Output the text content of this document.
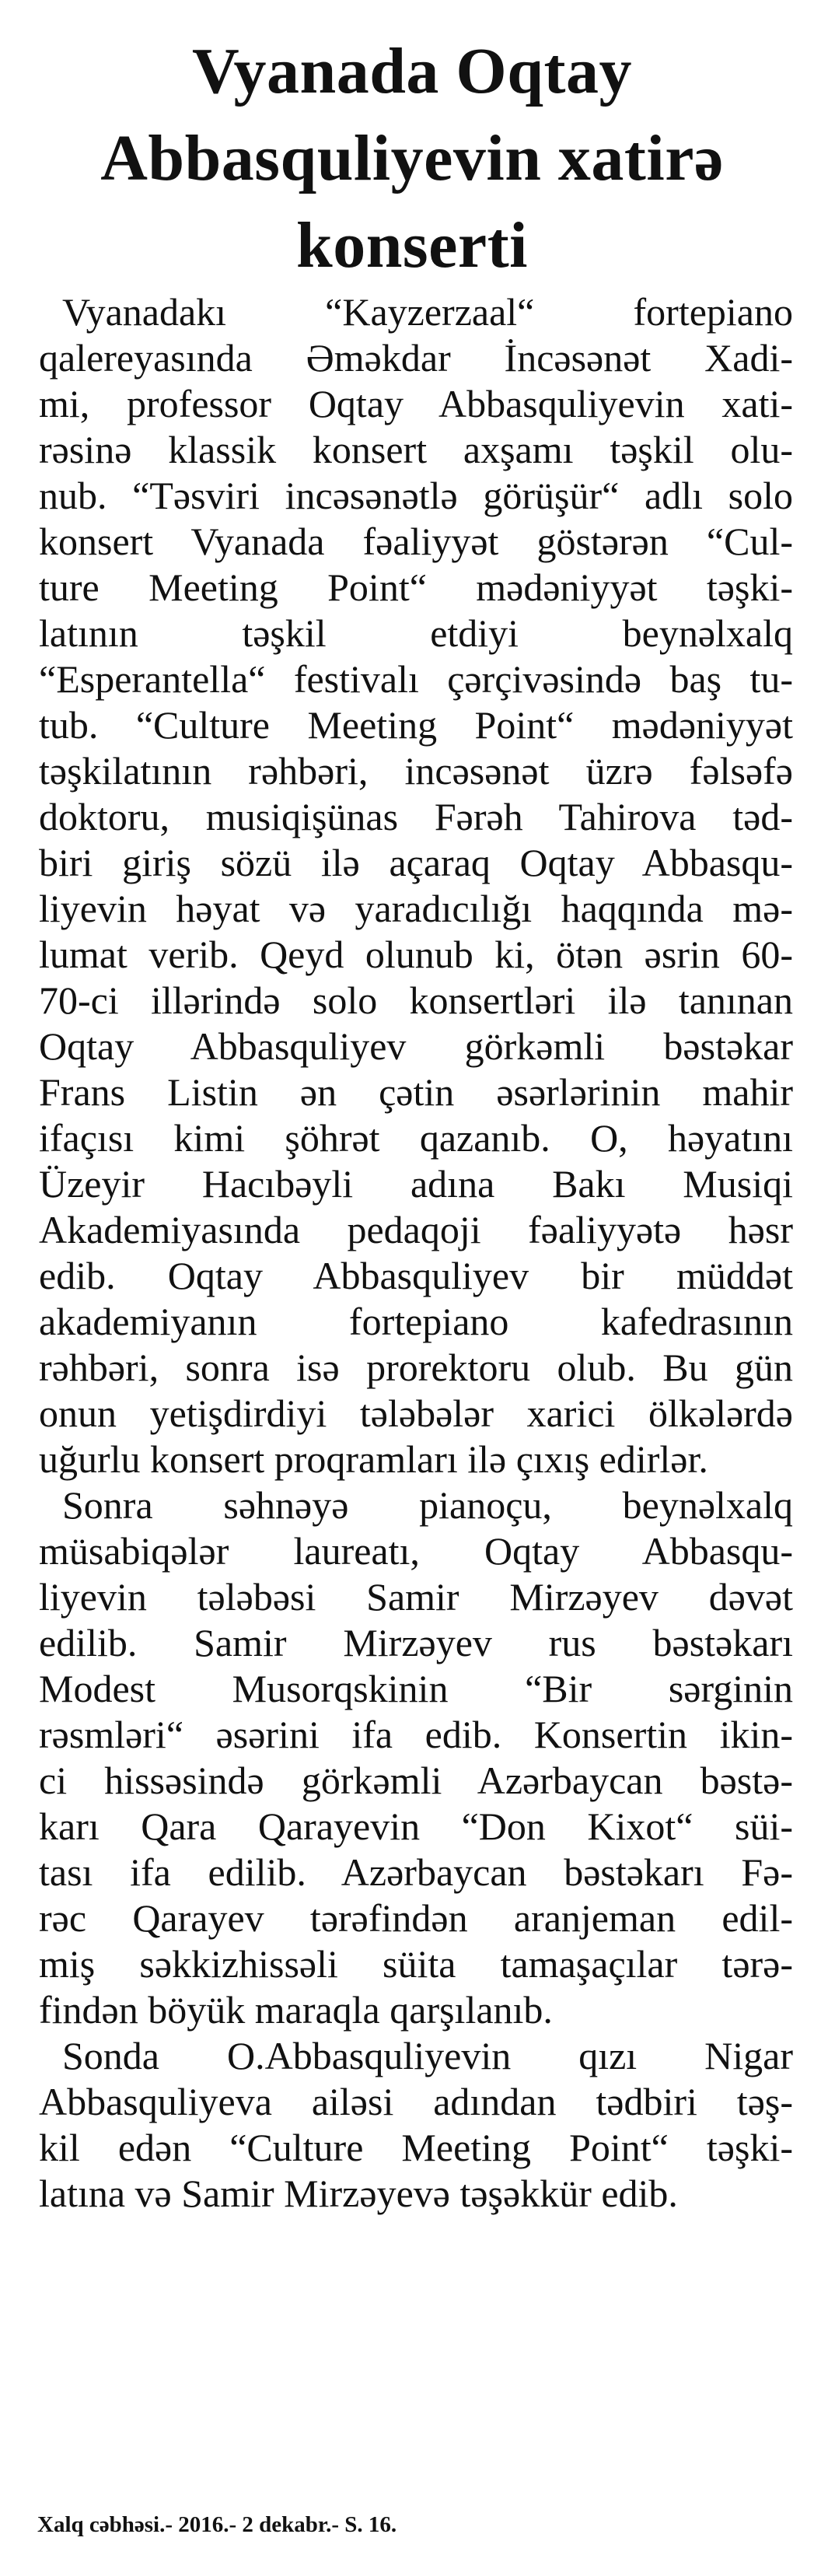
Vyanada Oqtay
Abbasquliyevin xatirə
konserti
Vyanadakı “Kayzerzaal“ fortepiano
qalereyasında Əməkdar İncəsənət Xadi-
mi, professor Oqtay Abbasquliyevin xati-
rəsinə klassik konsert axşamı təşkil olu-
nub. “Təsviri incəsənətlə görüşür“ adlı solo
konsert Vyanada fəaliyyət göstərən “Cul-
ture Meeting Point“ mədəniyyət təşki-
latının təşkil etdiyi beynəlxalq
“Esperantella“ festivalı çərçivəsində baş tu-
tub. “Culture Meeting Point“ mədəniyyət
təşkilatının rəhbəri, incəsənət üzrə fəlsəfə
doktoru, musiqişünas Fərəh Tahirova təd-
biri giriş sözü ilə açaraq Oqtay Abbasqu-
liyevin həyat və yaradıcılığı haqqında mə-
lumat verib. Qeyd olunub ki, ötən əsrin 60-
70-ci illərində solo konsertləri ilə tanınan
Oqtay Abbasquliyev görkəmli bəstəkar
Frans Listin ən çətin əsərlərinin mahir
ifaçısı kimi şöhrət qazanıb. O, həyatını
Üzeyir Hacıbəyli adına Bakı Musiqi
Akademiyasında pedaqoji fəaliyyətə həsr
edib. Oqtay Abbasquliyev bir müddət
akademiyanın fortepiano kafedrasının
rəhbəri, sonra isə prorektoru olub. Bu gün
onun yetişdirdiyi tələbələr xarici ölkələrdə
uğurlu konsert proqramları ilə çıxış edirlər.
Sonra səhnəyə pianoçu, beynəlxalq
müsabiqələr laureatı, Oqtay Abbasqu-
liyevin tələbəsi Samir Mirzəyev dəvət
edilib. Samir Mirzəyev rus bəstəkarı
Modest Musorqskinin “Bir sərginin
rəsmləri“ əsərini ifa edib. Konsertin ikin-
ci hissəsində görkəmli Azərbaycan bəstə-
karı Qara Qarayevin “Don Kixot“ süi-
tası ifa edilib. Azərbaycan bəstəkarı Fə-
rəc Qarayev tərəfindən aranjeman edil-
miş səkkizhissəli süita tamaşaçılar tərə-
findən böyük maraqla qarşılanıb.
Sonda O.Abbasquliyevin qızı Nigar
Abbasquliyeva ailəsi adından tədbiri təş-
kil edən “Culture Meeting Point“ təşki-
latına və Samir Mirzəyevə təşəkkür edib.
Xalq cəbhəsi.- 2016.- 2 dekabr.- S. 16.
